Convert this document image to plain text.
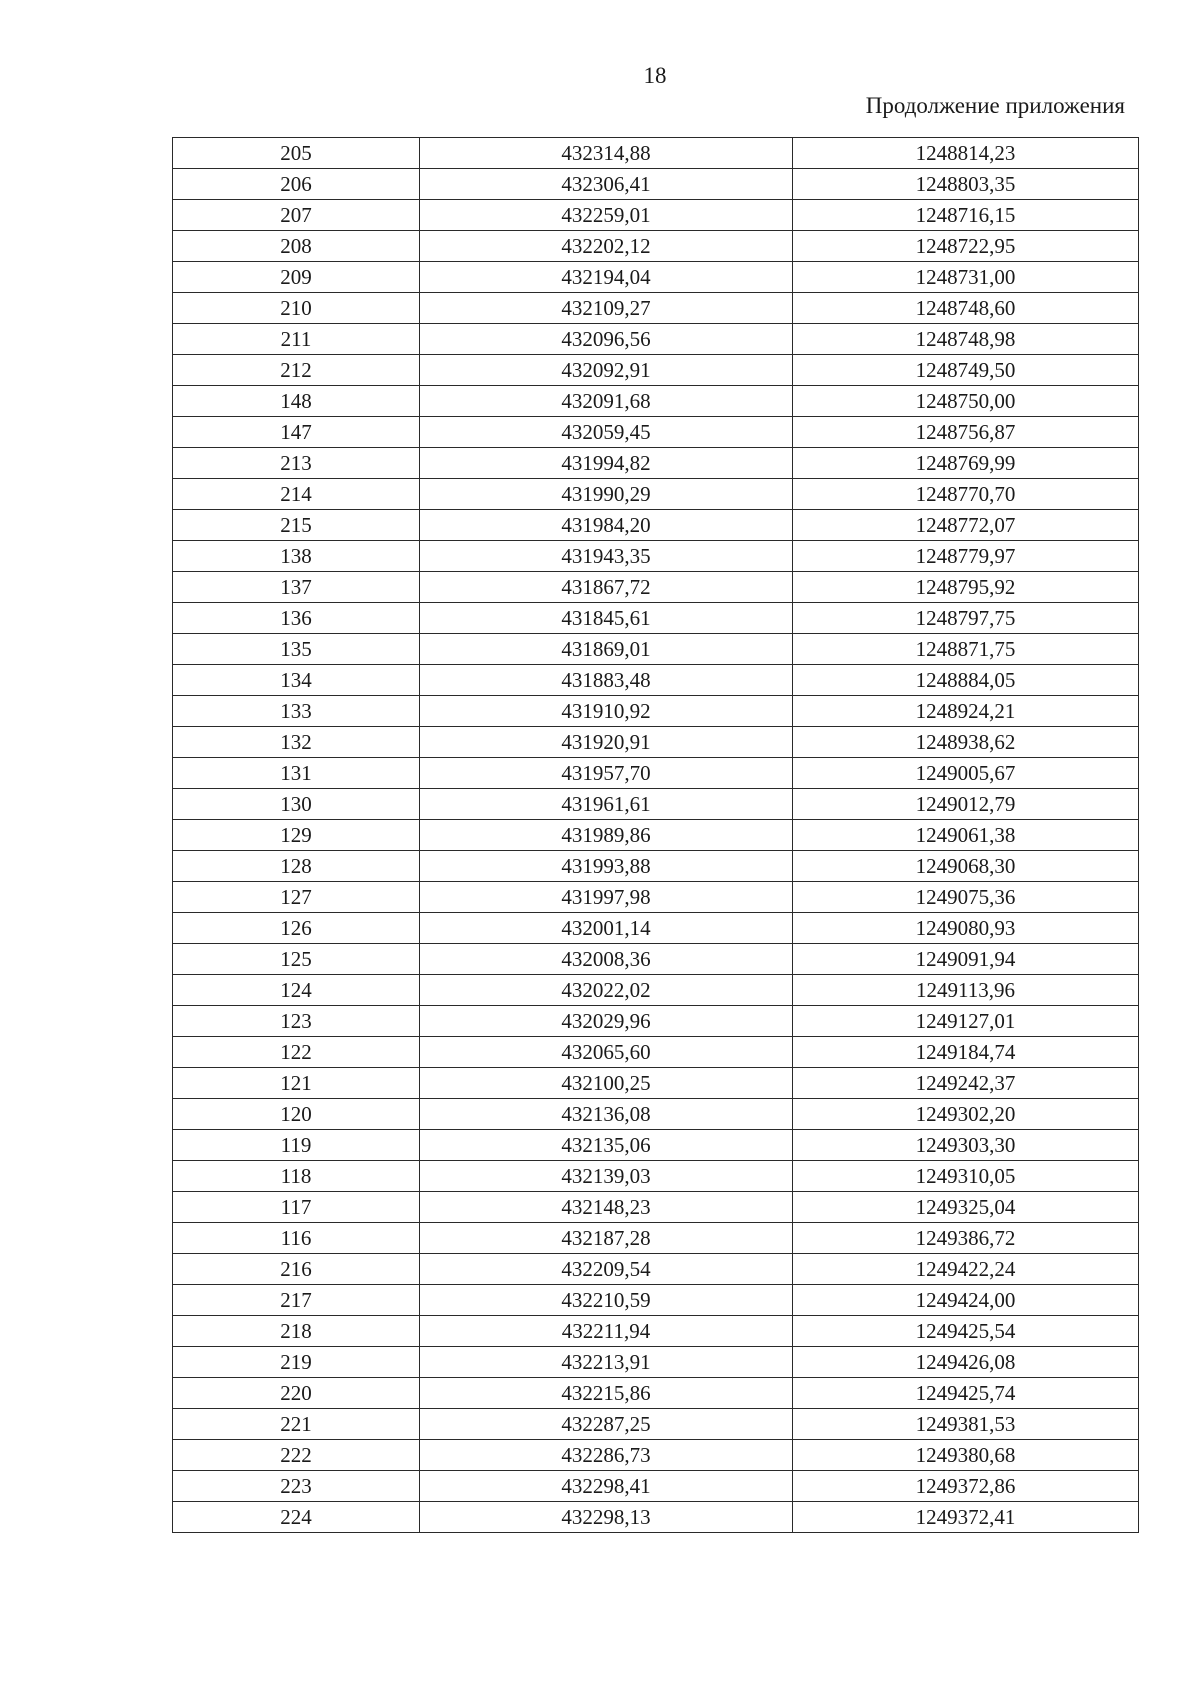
18
Продолжение приложения
205	432314,88	1248814,23
206	432306,41	1248803,35
207	432259,01	1248716,15
208	432202,12	1248722,95
209	432194,04	1248731,00
210	432109,27	1248748,60
211	432096,56	1248748,98
212	432092,91	1248749,50
148	432091,68	1248750,00
147	432059,45	1248756,87
213	431994,82	1248769,99
214	431990,29	1248770,70
215	431984,20	1248772,07
138	431943,35	1248779,97
137	431867,72	1248795,92
136	431845,61	1248797,75
135	431869,01	1248871,75
134	431883,48	1248884,05
133	431910,92	1248924,21
132	431920,91	1248938,62
131	431957,70	1249005,67
130	431961,61	1249012,79
129	431989,86	1249061,38
128	431993,88	1249068,30
127	431997,98	1249075,36
126	432001,14	1249080,93
125	432008,36	1249091,94
124	432022,02	1249113,96
123	432029,96	1249127,01
122	432065,60	1249184,74
121	432100,25	1249242,37
120	432136,08	1249302,20
119	432135,06	1249303,30
118	432139,03	1249310,05
117	432148,23	1249325,04
116	432187,28	1249386,72
216	432209,54	1249422,24
217	432210,59	1249424,00
218	432211,94	1249425,54
219	432213,91	1249426,08
220	432215,86	1249425,74
221	432287,25	1249381,53
222	432286,73	1249380,68
223	432298,41	1249372,86
224	432298,13	1249372,41
